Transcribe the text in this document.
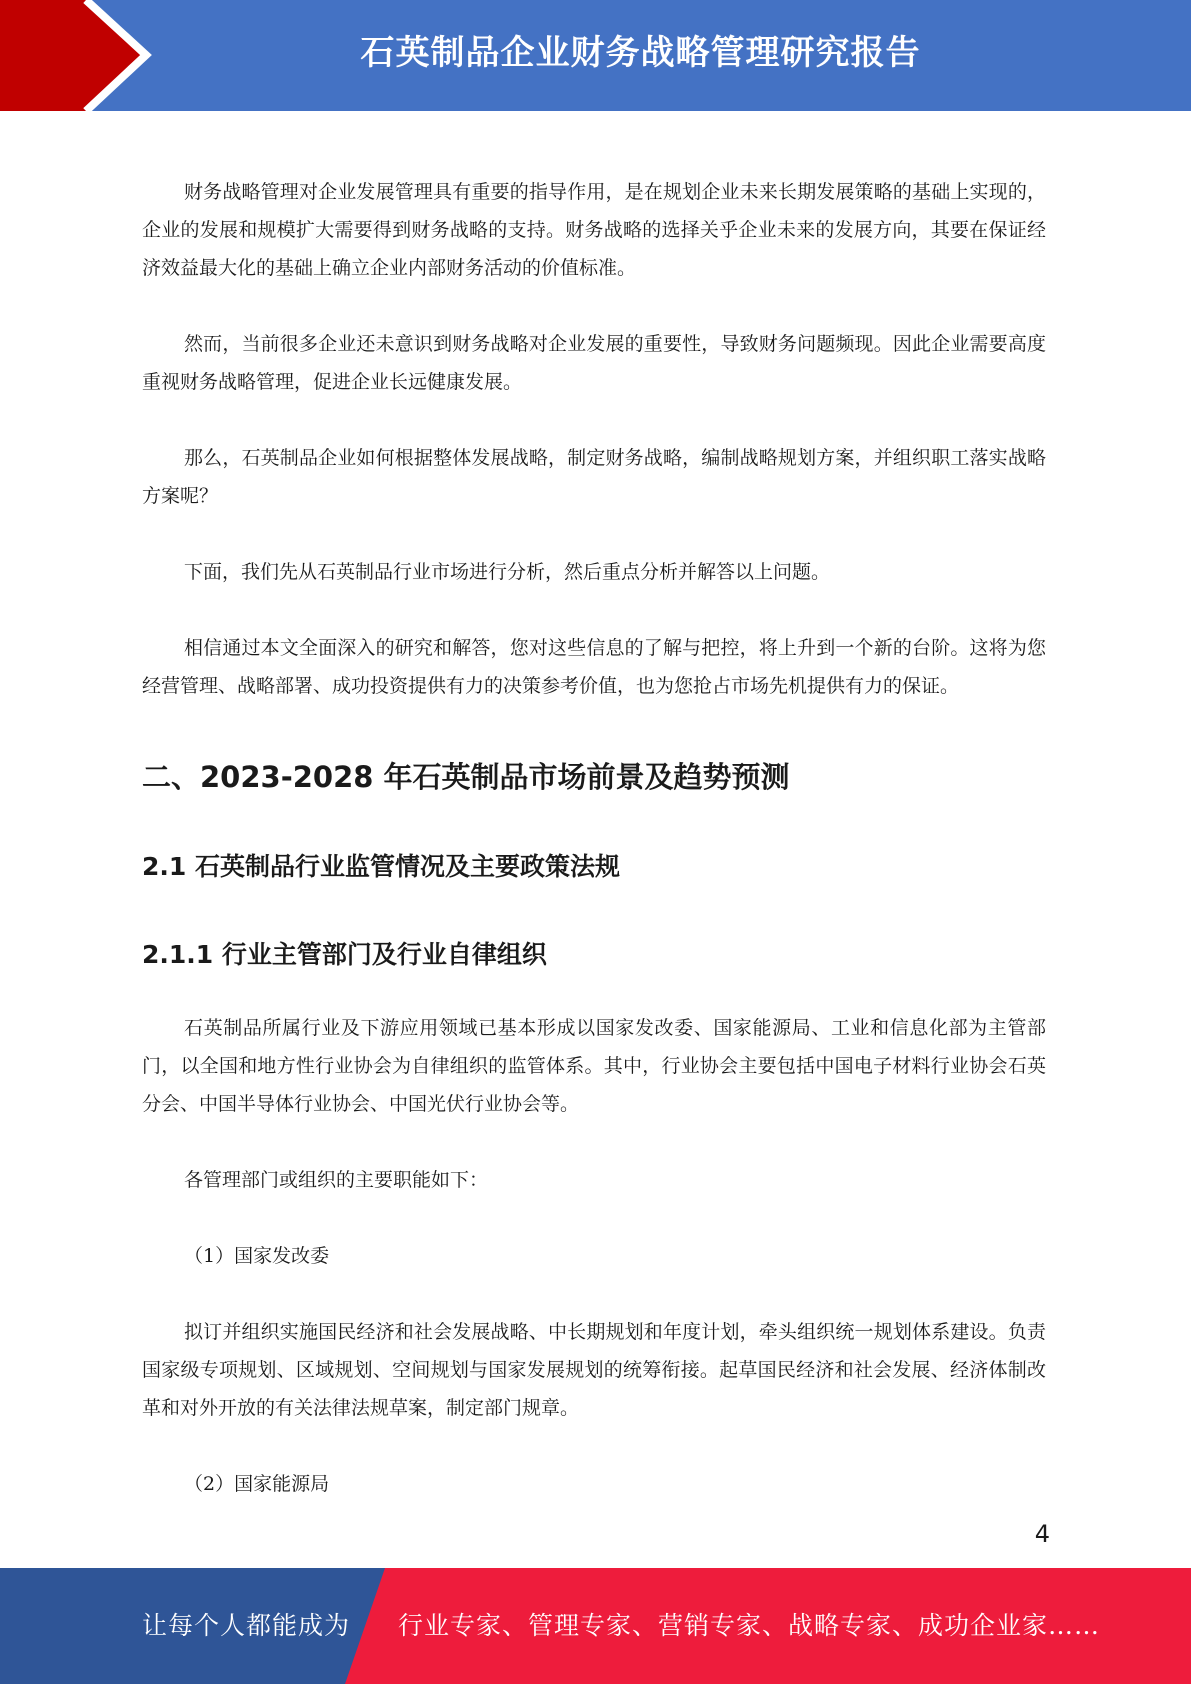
石英制品企业财务战略管理研究报告

财务战略管理对企业发展管理具有重要的指导作用，是在规划企业未来长期发展策略的基础上实现的，企业的发展和规模扩大需要得到财务战略的支持。财务战略的选择关乎企业未来的发展方向，其要在保证经济效益最大化的基础上确立企业内部财务活动的价值标准。

然而，当前很多企业还未意识到财务战略对企业发展的重要性，导致财务问题频现。因此企业需要高度重视财务战略管理，促进企业长远健康发展。

那么，石英制品企业如何根据整体发展战略，制定财务战略，编制战略规划方案，并组织职工落实战略方案呢？

下面，我们先从石英制品行业市场进行分析，然后重点分析并解答以上问题。

相信通过本文全面深入的研究和解答，您对这些信息的了解与把控，将上升到一个新的台阶。这将为您经营管理、战略部署、成功投资提供有力的决策参考价值，也为您抢占市场先机提供有力的保证。

二、2023-2028 年石英制品市场前景及趋势预测
2.1 石英制品行业监管情况及主要政策法规
2.1.1 行业主管部门及行业自律组织

石英制品所属行业及下游应用领域已基本形成以国家发改委、国家能源局、工业和信息化部为主管部门，以全国和地方性行业协会为自律组织的监管体系。其中，行业协会主要包括中国电子材料行业协会石英分会、中国半导体行业协会、中国光伏行业协会等。

各管理部门或组织的主要职能如下：

（1）国家发改委

拟订并组织实施国民经济和社会发展战略、中长期规划和年度计划，牵头组织统一规划体系建设。负责国家级专项规划、区域规划、空间规划与国家发展规划的统筹衔接。起草国民经济和社会发展、经济体制改革和对外开放的有关法律法规草案，制定部门规章。

（2）国家能源局

4
让每个人都能成为 行业专家、管理专家、营销专家、战略专家、成功企业家……
